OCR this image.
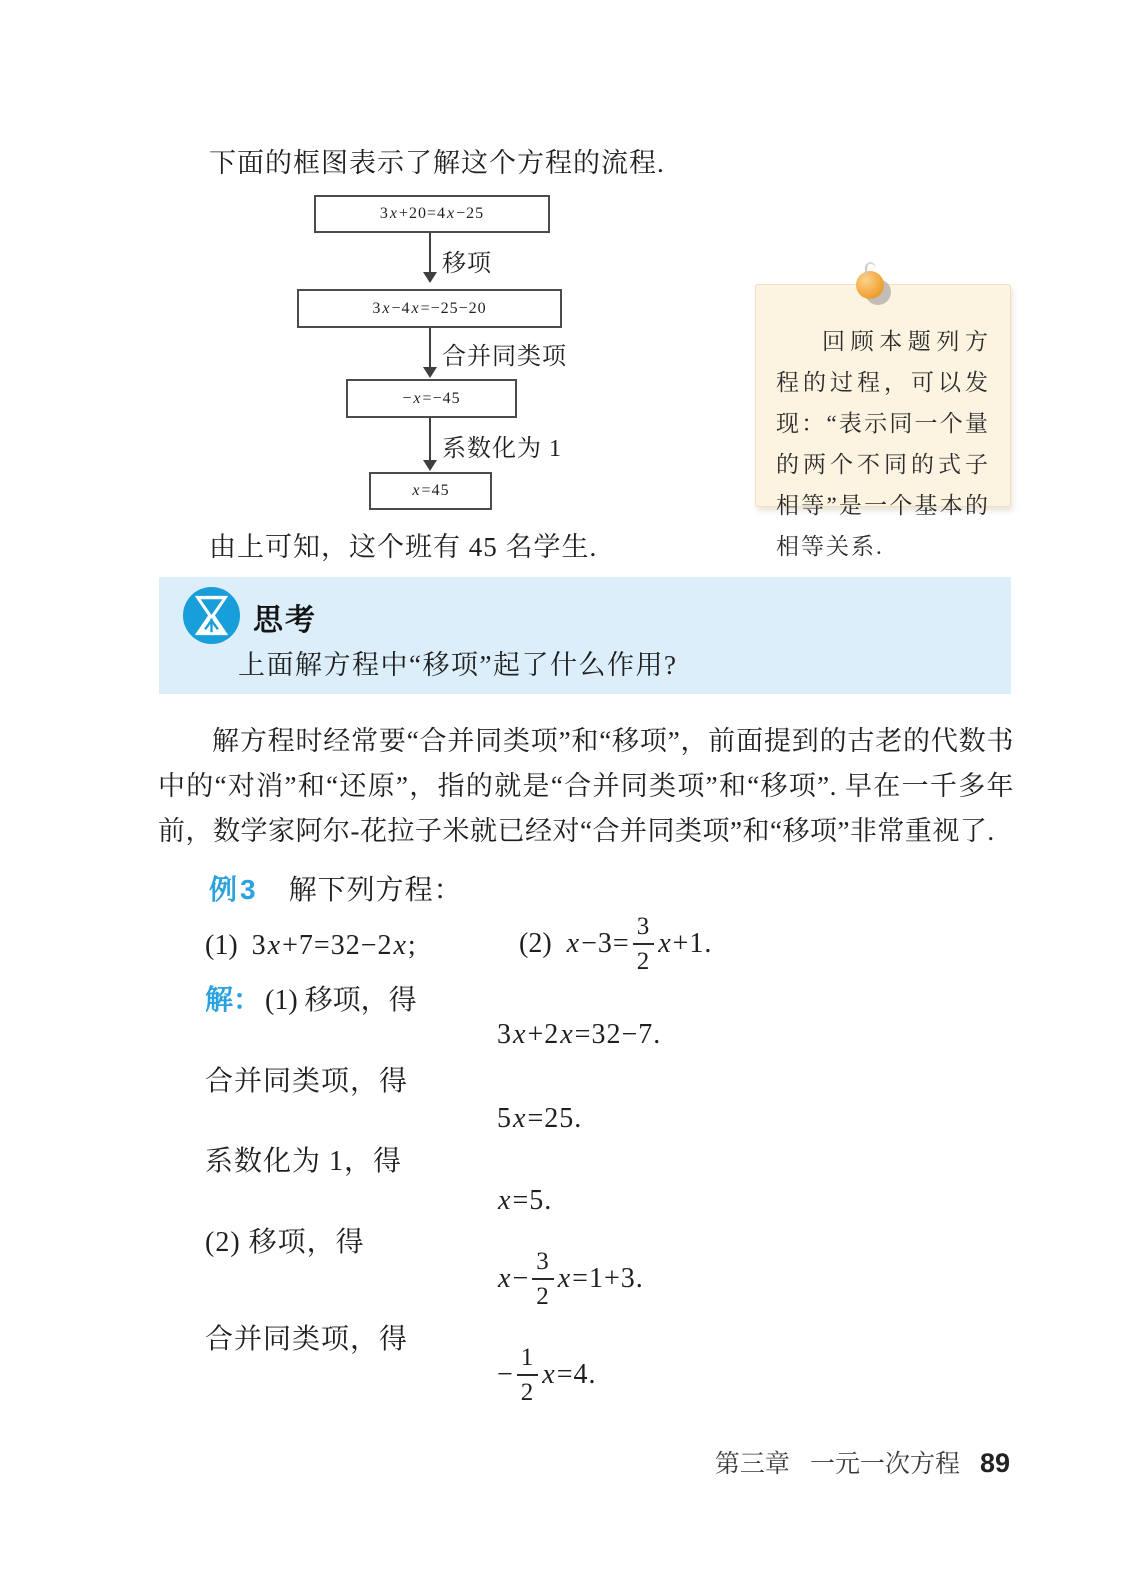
下面的框图表示了解这个方程的流程.
3 x + 2 0 = 4 x − 2 5
移项
3 x − 4 x = − 2 5 − 2 0
合并同类项
− x = − 4 5
系数化为 1
x = 4 5
回顾本题列方程的过程，可以发现：“表示同一个量的两个不同的式子相等”是一个基本的相等关系.
由上可知，这个班有 45 名学生.
思考
上面解方程中“移项”起了什么作用?
解方程时经常要“合并同类项”和“移项”，前面提到的古老的代数书中的“对消”和“还原”，指的就是“合并同类项”和“移项”. 早在一千多年前，数学家阿尔-花拉子米就已经对“合并同类项”和“移项”非常重视了.
例3 解下列方程：
(1) 3 x + 7 = 3 2 − 2 x ;	(2) $x - 3 = \frac{3}{2}$ x + 1 .
解： (1) 移项，得
3 x + 2 x = 3 2 − 7 .
合并同类项，得
5 x = 2 5 .
系数化为 1，得
x = 5 .
(2) 移项，得
$x - \frac{3}{2}$ x = 1 + 3 .
合并同类项，得
− $\frac{1}{2}$ x = 4 .
第三章 一元一次方程 89
